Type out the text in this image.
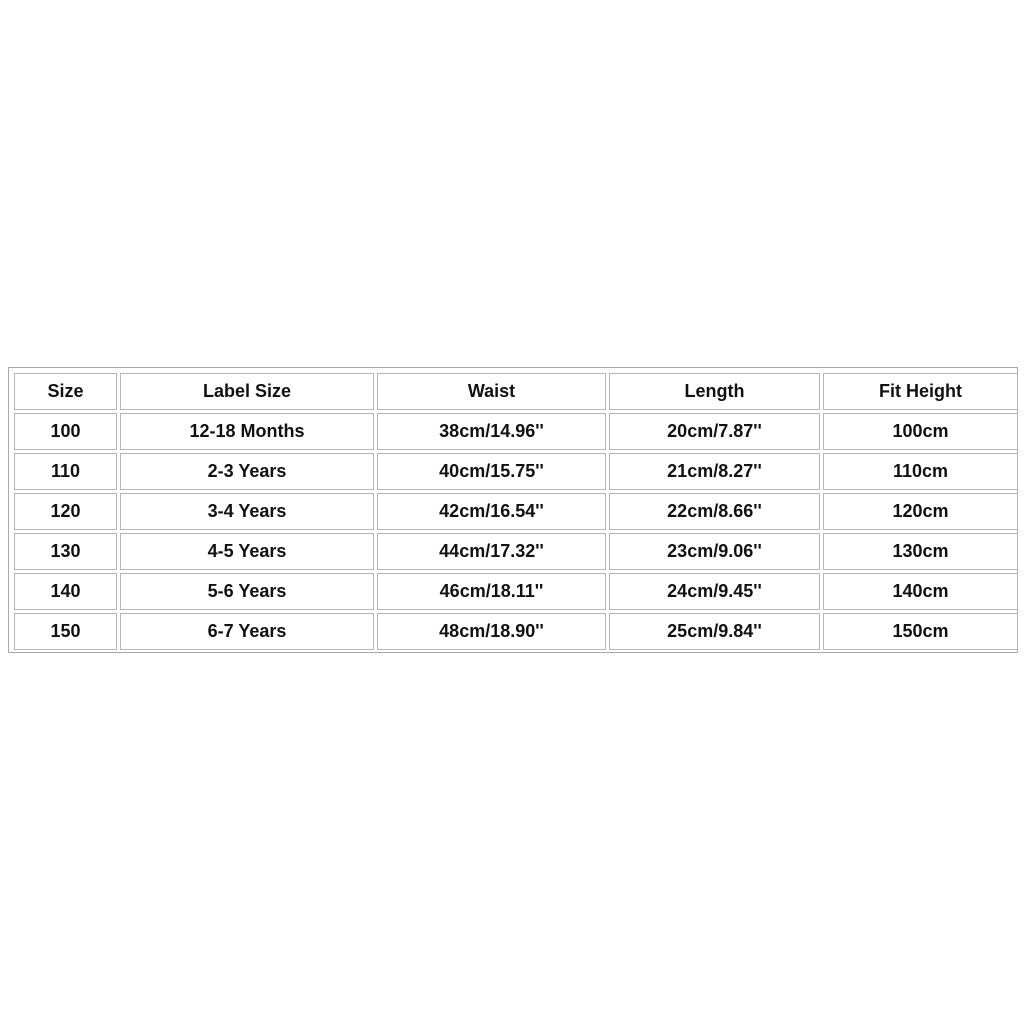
Size	Label Size	Waist	Length	Fit Height
100	12-18 Months	38cm/14.96''	20cm/7.87''	100cm
110	2-3 Years	40cm/15.75''	21cm/8.27''	110cm
120	3-4 Years	42cm/16.54''	22cm/8.66''	120cm
130	4-5 Years	44cm/17.32''	23cm/9.06''	130cm
140	5-6 Years	46cm/18.11''	24cm/9.45''	140cm
150	6-7 Years	48cm/18.90''	25cm/9.84''	150cm
